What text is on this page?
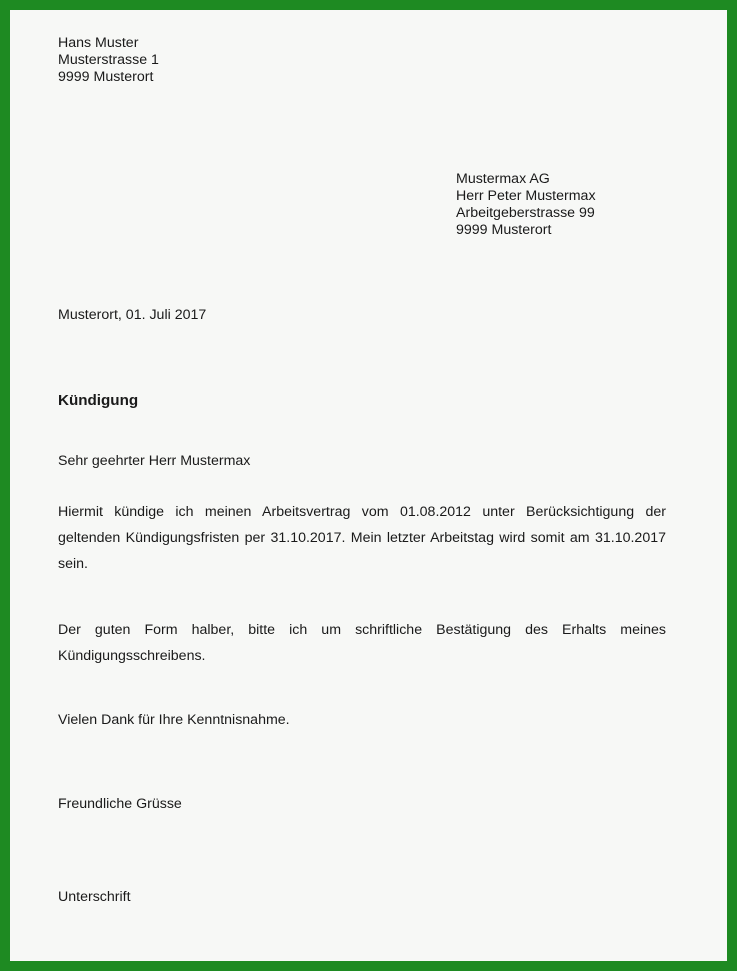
Hans Muster
Musterstrasse 1
9999 Musterort
Mustermax AG
Herr Peter Mustermax
Arbeitgeberstrasse 99
9999 Musterort
Musterort, 01. Juli 2017
Kündigung
Sehr geehrter Herr Mustermax
Hiermit kündige ich meinen Arbeitsvertrag vom 01.08.2012 unter Berücksichtigung der
geltenden Kündigungsfristen per 31.10.2017. Mein letzter Arbeitstag wird somit am 31.10.2017
sein.
Der guten Form halber, bitte ich um schriftliche Bestätigung des Erhalts meines
Kündigungsschreibens.
Vielen Dank für Ihre Kenntnisnahme.
Freundliche Grüsse
Unterschrift
